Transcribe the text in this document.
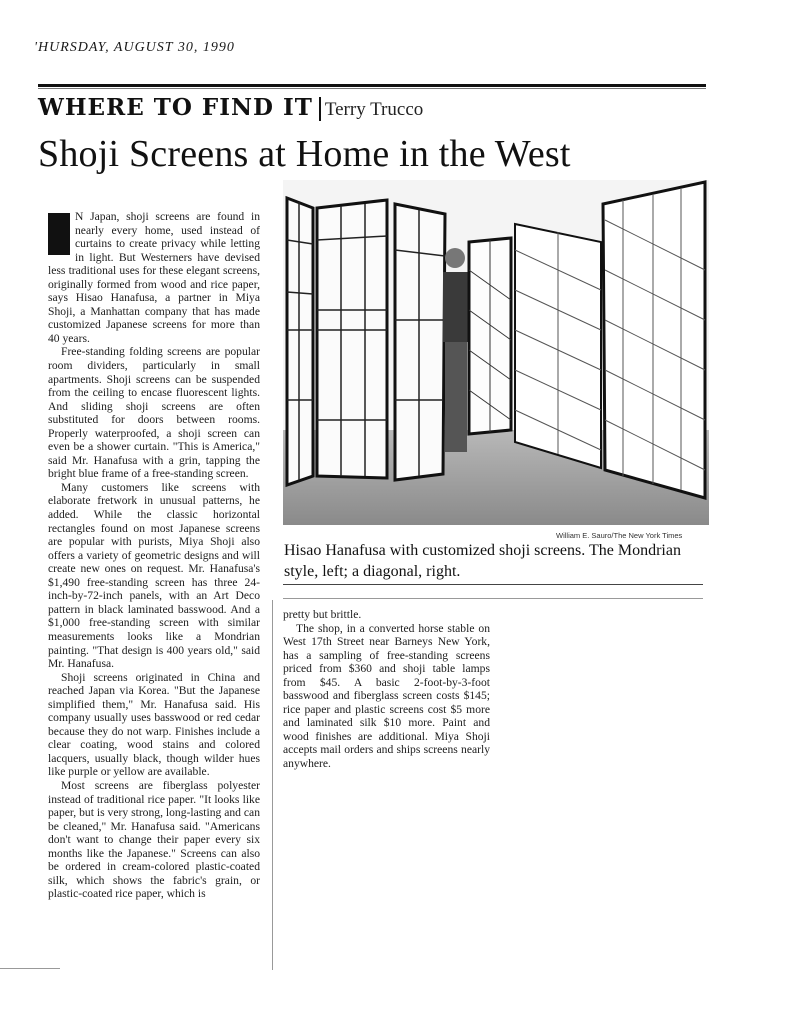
'HURSDAY, AUGUST 30, 1990
WHERE TO FIND IT Terry Trucco
Shoji Screens at Home in the West

N Japan, shoji screens are found in nearly every home, used instead of curtains to create privacy while letting in light. But Westerners have devised less traditional uses for these elegant screens, originally formed from wood and rice paper, says Hisao Hanafusa, a partner in Miya Shoji, a Manhattan company that has made customized Japanese screens for more than 40 years.

Free-standing folding screens are popular room dividers, particularly in small apartments. Shoji screens can be suspended from the ceiling to encase fluorescent lights. And sliding shoji screens are often substituted for doors between rooms. Properly waterproofed, a shoji screen can even be a shower curtain. "This is America," said Mr. Hanafusa with a grin, tapping the bright blue frame of a free-standing screen.

Many customers like screens with elaborate fretwork in unusual patterns, he added. While the classic horizontal rectangles found on most Japanese screens are popular with purists, Miya Shoji also offers a variety of geometric designs and will create new ones on request. Mr. Hanafusa's $1,490 free-standing screen has three 24-inch-by-72-inch panels, with an Art Deco pattern in black laminated basswood. And a $1,000 free-standing screen with similar measurements looks like a Mondrian painting. "That design is 400 years old," said Mr. Hanafusa.

Shoji screens originated in China and reached Japan via Korea. "But the Japanese simplified them," Mr. Hanafusa said. His company usually uses basswood or red cedar because they do not warp. Finishes include a clear coating, wood stains and colored lacquers, usually black, though wilder hues like purple or yellow are available.

Most screens are fiberglass polyester instead of traditional rice paper. "It looks like paper, but is very strong, long-lasting and can be cleaned," Mr. Hanafusa said. "Americans don't want to change their paper every six months like the Japanese." Screens can also be ordered in cream-colored plastic-coated silk, which shows the fabric's grain, or plastic-coated rice paper, which is

William E. Sauro/The New York Times
Hisao Hanafusa with customized shoji screens. The Mondrian style, left; a diagonal, right.

pretty but brittle.

The shop, in a converted horse stable on West 17th Street near Barneys New York, has a sampling of free-standing screens priced from $360 and shoji table lamps from $45. A basic 2-foot-by-3-foot basswood and fiberglass screen costs $145; rice paper and plastic screens cost $5 more and laminated silk $10 more. Paint and wood finishes are additional. Miya Shoji accepts mail orders and ships screens nearly anywhere.
